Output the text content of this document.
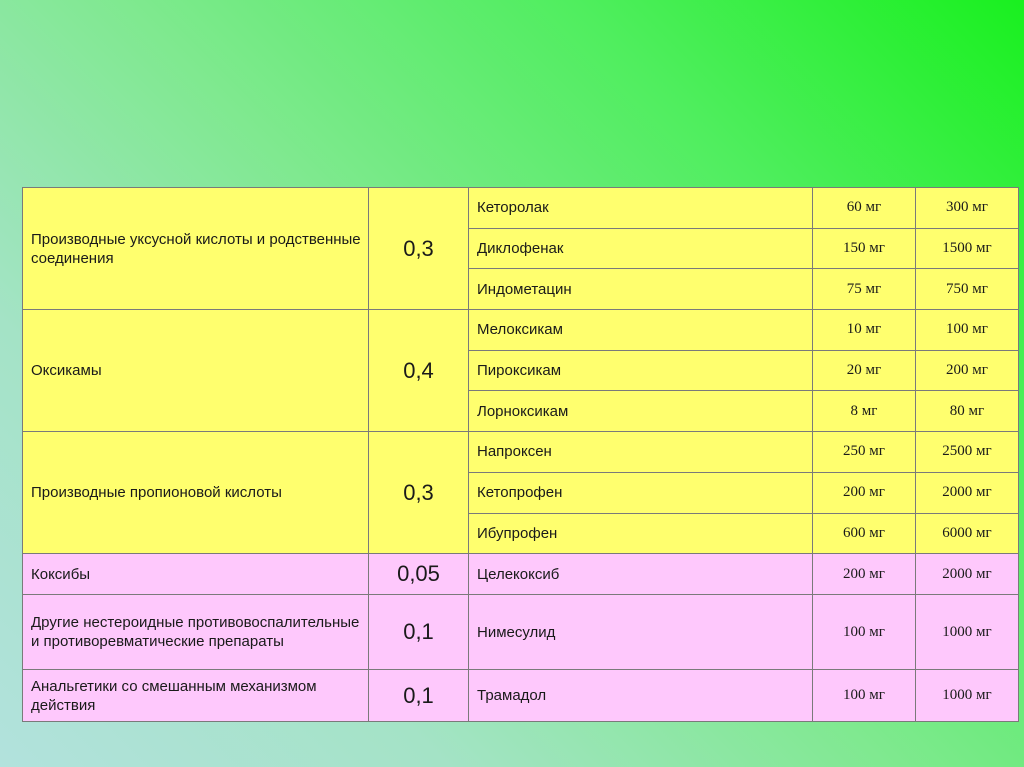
Производные уксусной кислоты и родственные соединения	0,3	Кеторолак	60 мг	300 мг
		Диклофенак	150 мг	1500 мг
		Индометацин	75 мг	750 мг
Оксикамы	0,4	Мелоксикам	10 мг	100 мг
		Пироксикам	20 мг	200 мг
		Лорноксикам	8 мг	80 мг
Производные пропионовой кислоты	0,3	Напроксен	250 мг	2500 мг
		Кетопрофен	200 мг	2000 мг
		Ибупрофен	600 мг	6000 мг
Коксибы	0,05	Целекоксиб	200 мг	2000 мг
Другие нестероидные противовоспалительные и противоревматические препараты	0,1	Нимесулид	100 мг	1000 мг
Анальгетики со смешанным механизмом действия	0,1	Трамадол	100 мг	1000 мг
